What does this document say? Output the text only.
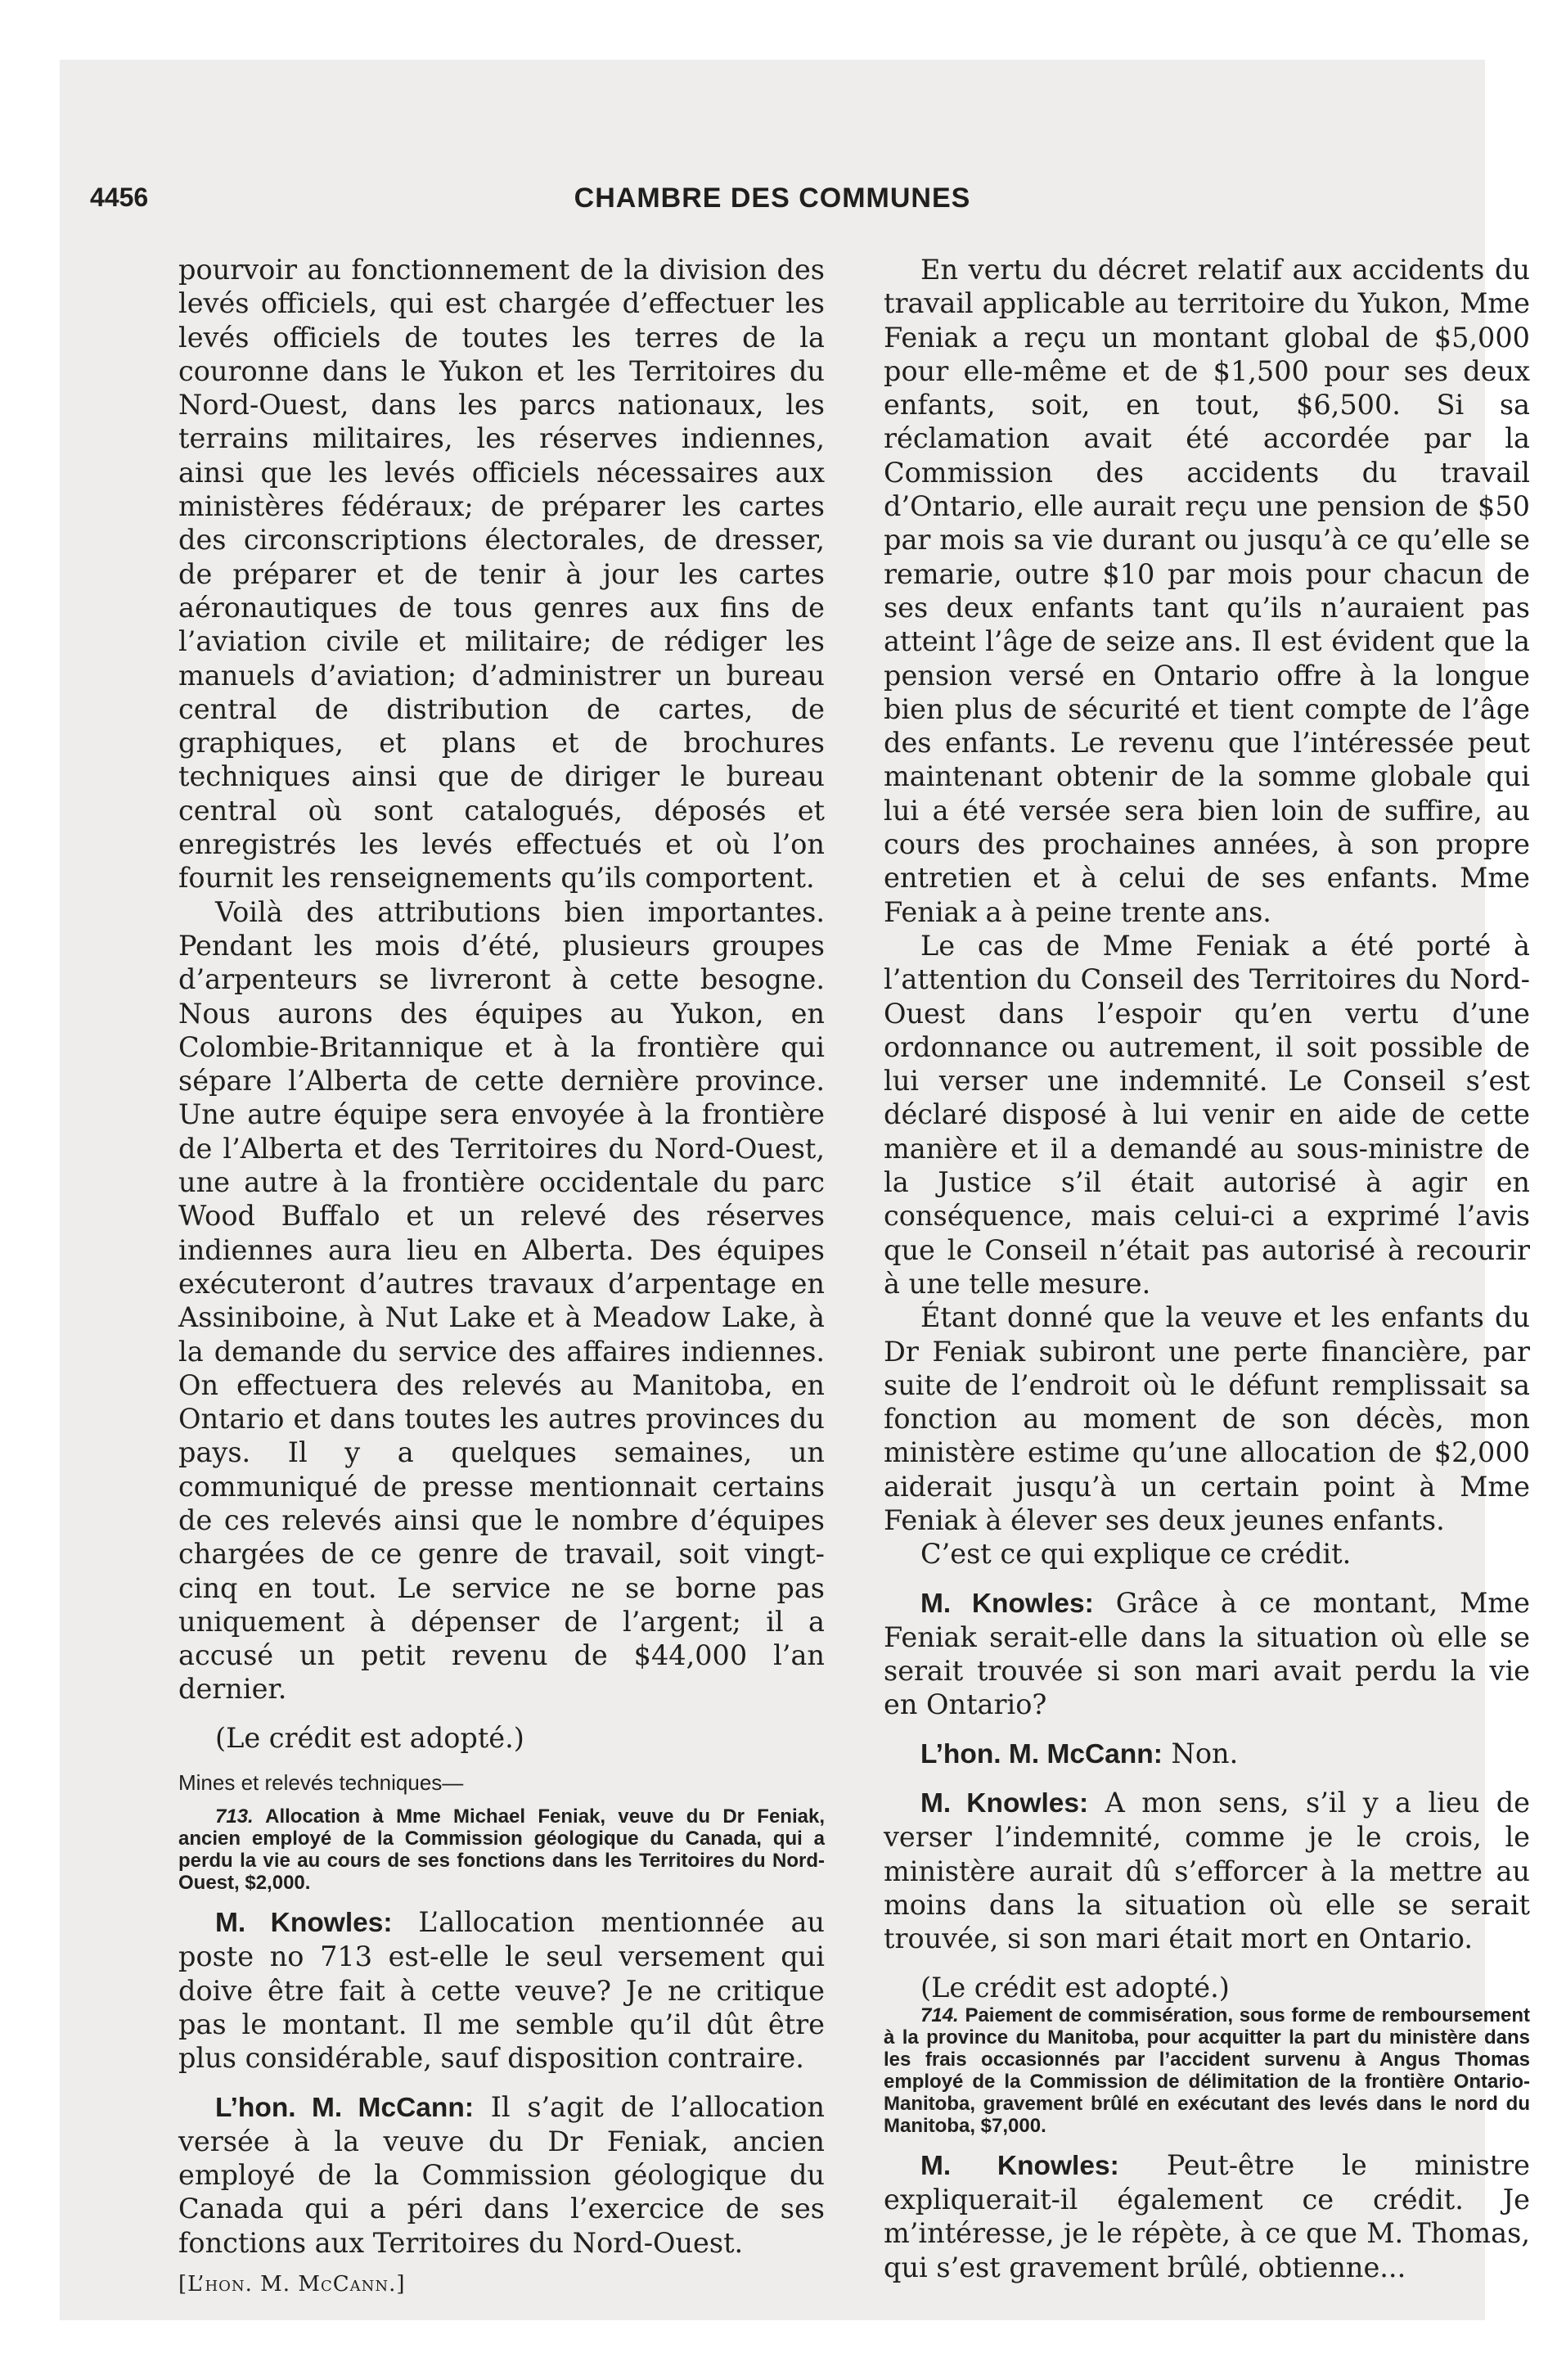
4456	CHAMBRE DES COMMUNES

pourvoir au fonctionnement de la division des levés officiels, qui est chargée d’effectuer les levés officiels de toutes les terres de la couronne dans le Yukon et les Territoires du Nord-Ouest, dans les parcs nationaux, les terrains militaires, les réserves indiennes, ainsi que les levés officiels nécessaires aux ministères fédéraux; de préparer les cartes des circonscriptions électorales, de dresser, de préparer et de tenir à jour les cartes aéronautiques de tous genres aux fins de l’aviation civile et militaire; de rédiger les manuels d’aviation; d’administrer un bureau central de distribution de cartes, de graphiques, et plans et de brochures techniques ainsi que de diriger le bureau central où sont catalogués, déposés et enregistrés les levés effectués et où l’on fournit les renseignements qu’ils comportent.

Voilà des attributions bien importantes. Pendant les mois d’été, plusieurs groupes d’arpenteurs se livreront à cette besogne. Nous aurons des équipes au Yukon, en Colombie-Britannique et à la frontière qui sépare l’Alberta de cette dernière province. Une autre équipe sera envoyée à la frontière de l’Alberta et des Territoires du Nord-Ouest, une autre à la frontière occidentale du parc Wood Buffalo et un relevé des réserves indiennes aura lieu en Alberta. Des équipes exécuteront d’autres travaux d’arpentage en Assiniboine, à Nut Lake et à Meadow Lake, à la demande du service des affaires indiennes. On effectuera des relevés au Manitoba, en Ontario et dans toutes les autres provinces du pays. Il y a quelques semaines, un communiqué de presse mentionnait certains de ces relevés ainsi que le nombre d’équipes chargées de ce genre de travail, soit vingt-cinq en tout. Le service ne se borne pas uniquement à dépenser de l’argent; il a accusé un petit revenu de $44,000 l’an dernier.

(Le crédit est adopté.)

Mines et relevés techniques—

713. Allocation à Mme Michael Feniak, veuve du Dr Feniak, ancien employé de la Commission géologique du Canada, qui a perdu la vie au cours de ses fonctions dans les Territoires du Nord-Ouest, $2,000.

M. Knowles: L’allocation mentionnée au poste no 713 est-elle le seul versement qui doive être fait à cette veuve? Je ne critique pas le montant. Il me semble qu’il dût être plus considérable, sauf disposition contraire.

L’hon. M. McCann: Il s’agit de l’allocation versée à la veuve du Dr Feniak, ancien employé de la Commission géologique du Canada qui a péri dans l’exercice de ses fonctions aux Territoires du Nord-Ouest.

[L’hon. M. McCann.]

En vertu du décret relatif aux accidents du travail applicable au territoire du Yukon, Mme Feniak a reçu un montant global de $5,000 pour elle-même et de $1,500 pour ses deux enfants, soit, en tout, $6,500. Si sa réclamation avait été accordée par la Commission des accidents du travail d’Ontario, elle aurait reçu une pension de $50 par mois sa vie durant ou jusqu’à ce qu’elle se remarie, outre $10 par mois pour chacun de ses deux enfants tant qu’ils n’auraient pas atteint l’âge de seize ans. Il est évident que la pension versé en Ontario offre à la longue bien plus de sécurité et tient compte de l’âge des enfants. Le revenu que l’intéressée peut maintenant obtenir de la somme globale qui lui a été versée sera bien loin de suffire, au cours des prochaines années, à son propre entretien et à celui de ses enfants. Mme Feniak a à peine trente ans.

Le cas de Mme Feniak a été porté à l’attention du Conseil des Territoires du Nord-Ouest dans l’espoir qu’en vertu d’une ordonnance ou autrement, il soit possible de lui verser une indemnité. Le Conseil s’est déclaré disposé à lui venir en aide de cette manière et il a demandé au sous-ministre de la Justice s’il était autorisé à agir en conséquence, mais celui-ci a exprimé l’avis que le Conseil n’était pas autorisé à recourir à une telle mesure.

Étant donné que la veuve et les enfants du Dr Feniak subiront une perte financière, par suite de l’endroit où le défunt remplissait sa fonction au moment de son décès, mon ministère estime qu’une allocation de $2,000 aiderait jusqu’à un certain point à Mme Feniak à élever ses deux jeunes enfants.

C’est ce qui explique ce crédit.

M. Knowles: Grâce à ce montant, Mme Feniak serait-elle dans la situation où elle se serait trouvée si son mari avait perdu la vie en Ontario?

L’hon. M. McCann: Non.

M. Knowles: A mon sens, s’il y a lieu de verser l’indemnité, comme je le crois, le ministère aurait dû s’efforcer à la mettre au moins dans la situation où elle se serait trouvée, si son mari était mort en Ontario.

(Le crédit est adopté.)

714. Paiement de commisération, sous forme de remboursement à la province du Manitoba, pour acquitter la part du ministère dans les frais occasionnés par l’accident survenu à Angus Thomas employé de la Commission de délimitation de la frontière Ontario-Manitoba, gravement brûlé en exécutant des levés dans le nord du Manitoba, $7,000.

M. Knowles: Peut-être le ministre expliquerait-il également ce crédit. Je m’intéresse, je le répète, à ce que M. Thomas, qui s’est gravement brûlé, obtienne...
